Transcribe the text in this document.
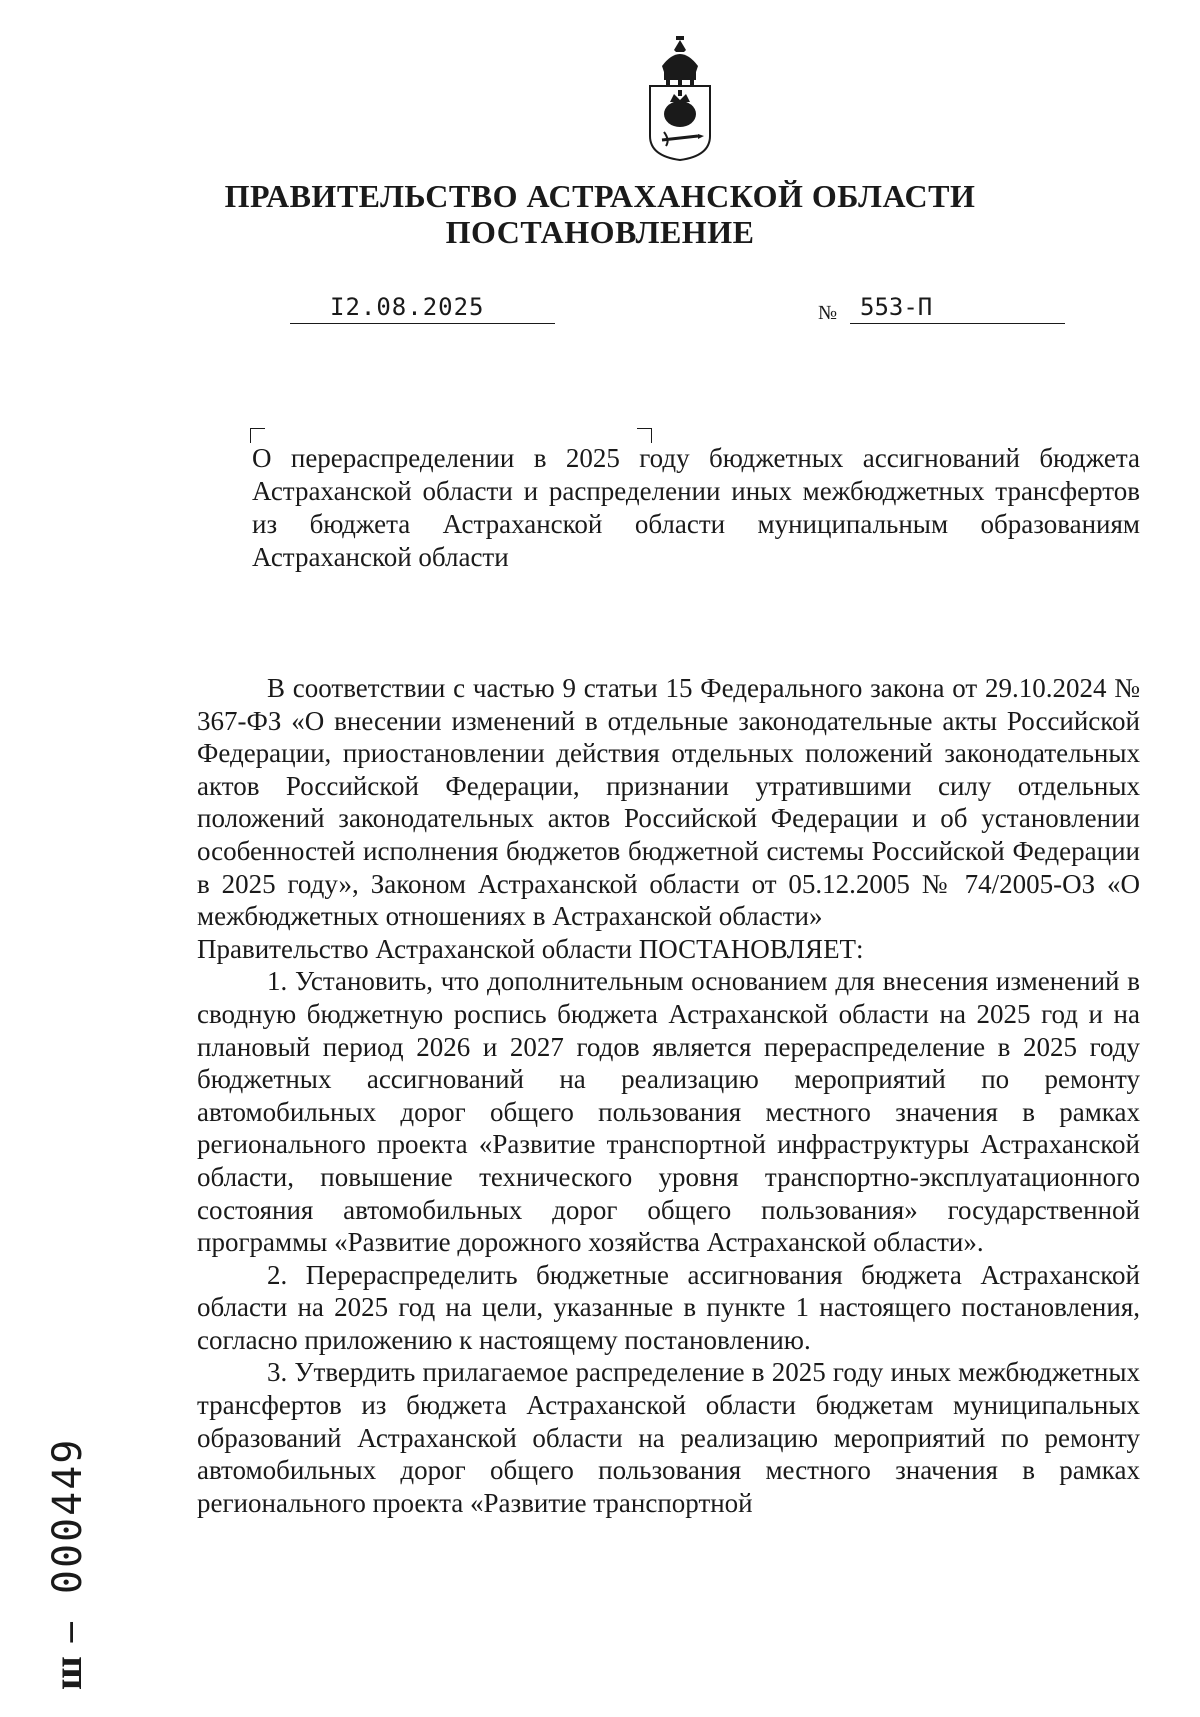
ПРАВИТЕЛЬСТВО АСТРАХАНСКОЙ ОБЛАСТИ
ПОСТАНОВЛЕНИЕ
I2.08.2025	№ 553-П

О перераспределении в 2025 году бюджетных ассигнований бюджета Астраханской области и распределении иных межбюджетных трансфертов из бюджета Астраханской области муниципальным образованиям Астраханской области

В соответствии с частью 9 статьи 15 Федерального закона от 29.10.2024 № 367-ФЗ «О внесении изменений в отдельные законодательные акты Российской Федерации, приостановлении действия отдельных положений законодательных актов Российской Федерации, признании утратившими силу отдельных положений законодательных актов Российской Федерации и об установлении особенностей исполнения бюджетов бюджетной системы Российской Федерации в 2025 году», Законом Астраханской области от 05.12.2005 № 74/2005-ОЗ «О межбюджетных отношениях в Астраханской области»

Правительство Астраханской области ПОСТАНОВЛЯЕТ:

1. Установить, что дополнительным основанием для внесения изменений в сводную бюджетную роспись бюджета Астраханской области на 2025 год и на плановый период 2026 и 2027 годов является перераспределение в 2025 году бюджетных ассигнований на реализацию мероприятий по ремонту автомобильных дорог общего пользования местного значения в рамках регионального проекта «Развитие транспортной инфраструктуры Астраханской области, повышение технического уровня транспортно-эксплуатационного состояния автомобильных дорог общего пользования» государственной программы «Развитие дорожного хозяйства Астраханской области».

2. Перераспределить бюджетные ассигнования бюджета Астраханской области на 2025 год на цели, указанные в пункте 1 настоящего постановления, согласно приложению к настоящему постановлению.

3. Утвердить прилагаемое распределение в 2025 году иных межбюджетных трансфертов из бюджета Астраханской области бюджетам муниципальных образований Астраханской области на реализацию мероприятий по ремонту автомобильных дорог общего пользования местного значения в рамках регионального проекта «Развитие транспортной

ш – 000449
